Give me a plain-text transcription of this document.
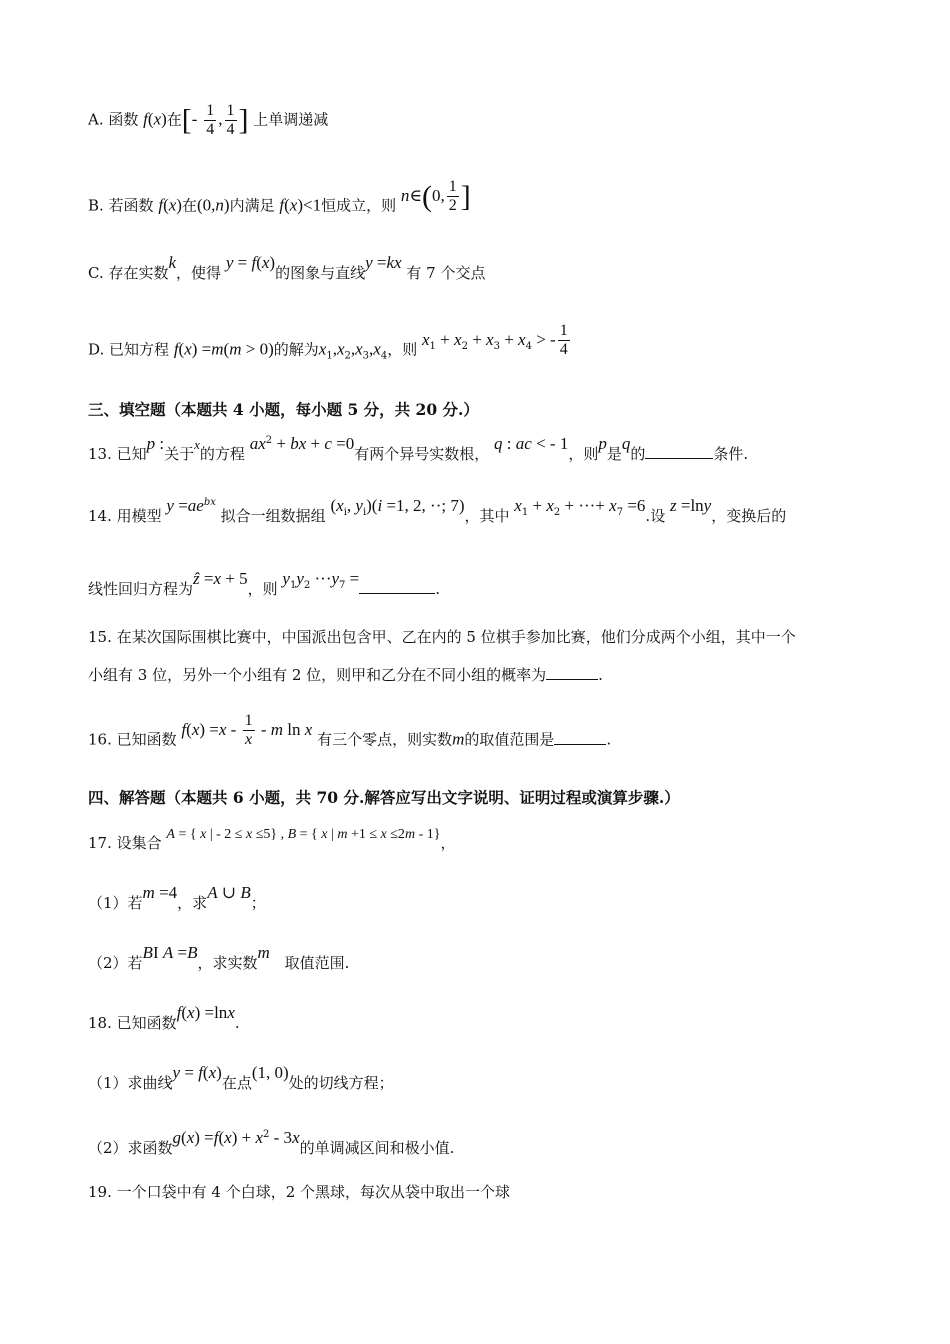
A. 函数 f(x)在[- $\frac{1}{4}$ , $\frac{1}{4}$ ] 上单调递减
B. 若函数 f(x)在(0,n)内满足 f(x)<1恒成立，则 n∈(0, $\frac{1}{2}$ ]
C. 存在实数k，使得 y = f(x)的图象与直线y =kx 有 7 个交点
D. 已知方程 f(x) =m(m > 0)的解为$x_1,x_2,x_3,x_4$，则 $x_1 + x_2 + x_3 + x_4$ > - $\frac{1}{4}$
三、填空题（本题共 4 小题，每小题 5 分，共 20 分.）
13. 已知p :关于x的方程 $ax^2$ + bx + c =0有两个异号实数根， q : ac < - 1，则p是q的	条件.
14. 用模型 $y =ae^{bx}$ 拟合一组数据组 ($x_i$, $y_i)(i =1$, 2, ··; 7)，其中 $x_1 + x_2$ + ···+ $x_7 =6$.设 z =lny，变换后的
线性回归方程为ẑ =x + 5，则 $y_1y_2 \cdot\cdot\cdot y_7$ =.
15. 在某次国际围棋比赛中，中国派出包含甲、乙在内的 5 位棋手参加比赛，他们分成两个小组，其中一个
小组有 3 位，另外一个小组有 2 位，则甲和乙分在不同小组的概率为	.
16. 已知函数 $f(x) =x - \frac{1}{x} - m$ ln x 有三个零点，则实数m的取值范围是	.
四、解答题（本题共 6 小题，共 70 分.解答应写出文字说明、证明过程或演算步骤.）
17. 设集合 A = { x | - 2 ≤ x ≤5} , B = { x | m +1 ≤ x ≤2m - 1}，
（1）若m =4，求A ∪ B；
（2）若BI A =B，求实数m 取值范围.
18. 已知函数f(x) =lnx.
（1）求曲线y = f(x)在点(1, 0)处的切线方程；
（2）求函数$g(x) =f(x) + x^2 - 3x$的单调减区间和极小值.
19. 一个口袋中有 4 个白球，2 个黑球，每次从袋中取出一个球
